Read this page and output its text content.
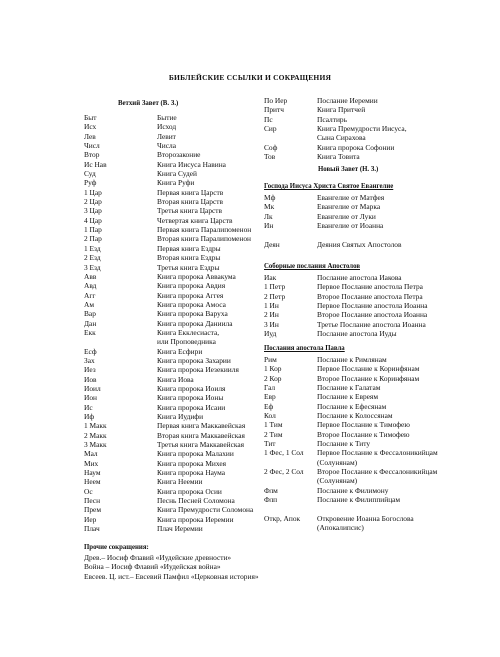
БИБЛЕЙСКИЕ ССЫЛКИ И СОКРАЩЕНИЯ
Ветхий Завет (В. З.)
Быт	Бытие
Исх	Исход
Лев	Левит
Числ	Числа
Втор	Второзаконие
Ис Нав	Книга Иисуса Навина
Суд	Книга Судей
Руф	Книга Руфи
1 Цар	Первая книга Царств
2 Цар	Вторая книга Царств
3 Цар	Третья книга Царств
4 Цар	Четвертая книга Царств
1 Пар	Первая книга Паралипоменон
2 Пар	Вторая книга Паралипоменон
1 Езд	Первая книга Ездры
2 Езд	Вторая книга Ездры
3 Езд	Третья книга Ездры
Авв	Книга пророка Аввакума
Авд	Книга пророка Авдия
Агг	Книга пророка Аггея
Ам	Книга пророка Амоса
Вар	Книга пророка Варуха
Дан	Книга пророка Даниила
Екк	Книга Екклесиаста,
или Проповедника
Есф	Книга Есфири
Зах	Книга пророка Захарии
Иез	Книга пророка Иезекииля
Иов	Книга Иова
Иоил	Книга пророка Иоиля
Ион	Книга пророка Ионы
Ис	Книга пророка Исаии
Иф	Книга Иудифи
1 Макк	Первая книга Маккавейская
2 Макк	Вторая книга Маккавейская
3 Макк	Третья книга Маккавейская
Мал	Книга пророка Малахии
Мих	Книга пророка Михея
Наум	Книга пророка Наума
Неем	Книга Неемии
Ос	Книга пророка Осии
Песн	Песнь Песней Соломона
Прем	Книга Премудрости Соломона
Иер	Книга пророка Иеремии
Плач	Плач Иеремии
По Иер	Послание Иеремии
Притч	Книга Притчей
Пс	Псалтирь
Сир	Книга Премудрости Иисуса,
Сына Сирахова
Соф	Книга пророка Софонии
Тов	Книга Товита
Новый Завет (Н. З.)
Господа Иисуса Христа Святое Евангелие
Мф	Евангелие от Матфея
Мк	Евангелие от Марка
Лк	Евангелие от Луки
Ин	Евангелие от Иоанна
Деян	Деяния Святых Апостолов
Соборные послания Апостолов
Иак	Послание апостола Иакова
1 Петр	Первое Послание апостола Петра
2 Петр	Второе Послание апостола Петра
1 Ин	Первое Послание апостола Иоанна
2 Ин	Второе Послание апостола Иоанна
3 Ин	Третье Послание апостола Иоанна
Иуд	Послание апостола Иуды
Послания апостола Павла
Рим	Послание к Римлянам
1 Кор	Первое Послание к Коринфянам
2 Кор	Второе Послание к Коринфянам
Гал	Послание к Галатам
Евр	Послание к Евреям
Еф	Послание к Ефесянам
Кол	Послание к Колоссянам
1 Тим	Первое Послание к Тимофею
2 Тим	Второе Послание к Тимофею
Тит	Послание к Титу
1 Фес, 1 Сол	Первое Послание к Фессалоникийцам
(Солунянам)
2 Фес, 2 Сол	Второе Послание к Фессалоникийцам
(Солунянам)
Флм	Послание к Филимону
Флп	Послание к Филиппийцам
Откр, Апок	Откровение Иоанна Богослова
(Апокалипсис)
Прочие сокращения:
Древ.– Иосиф Флавий «Иудейские древности»
Война – Иосиф Флавий «Иудейская война»
Евсеев. Ц. ист.– Евсевий Памфил «Церковная история»
